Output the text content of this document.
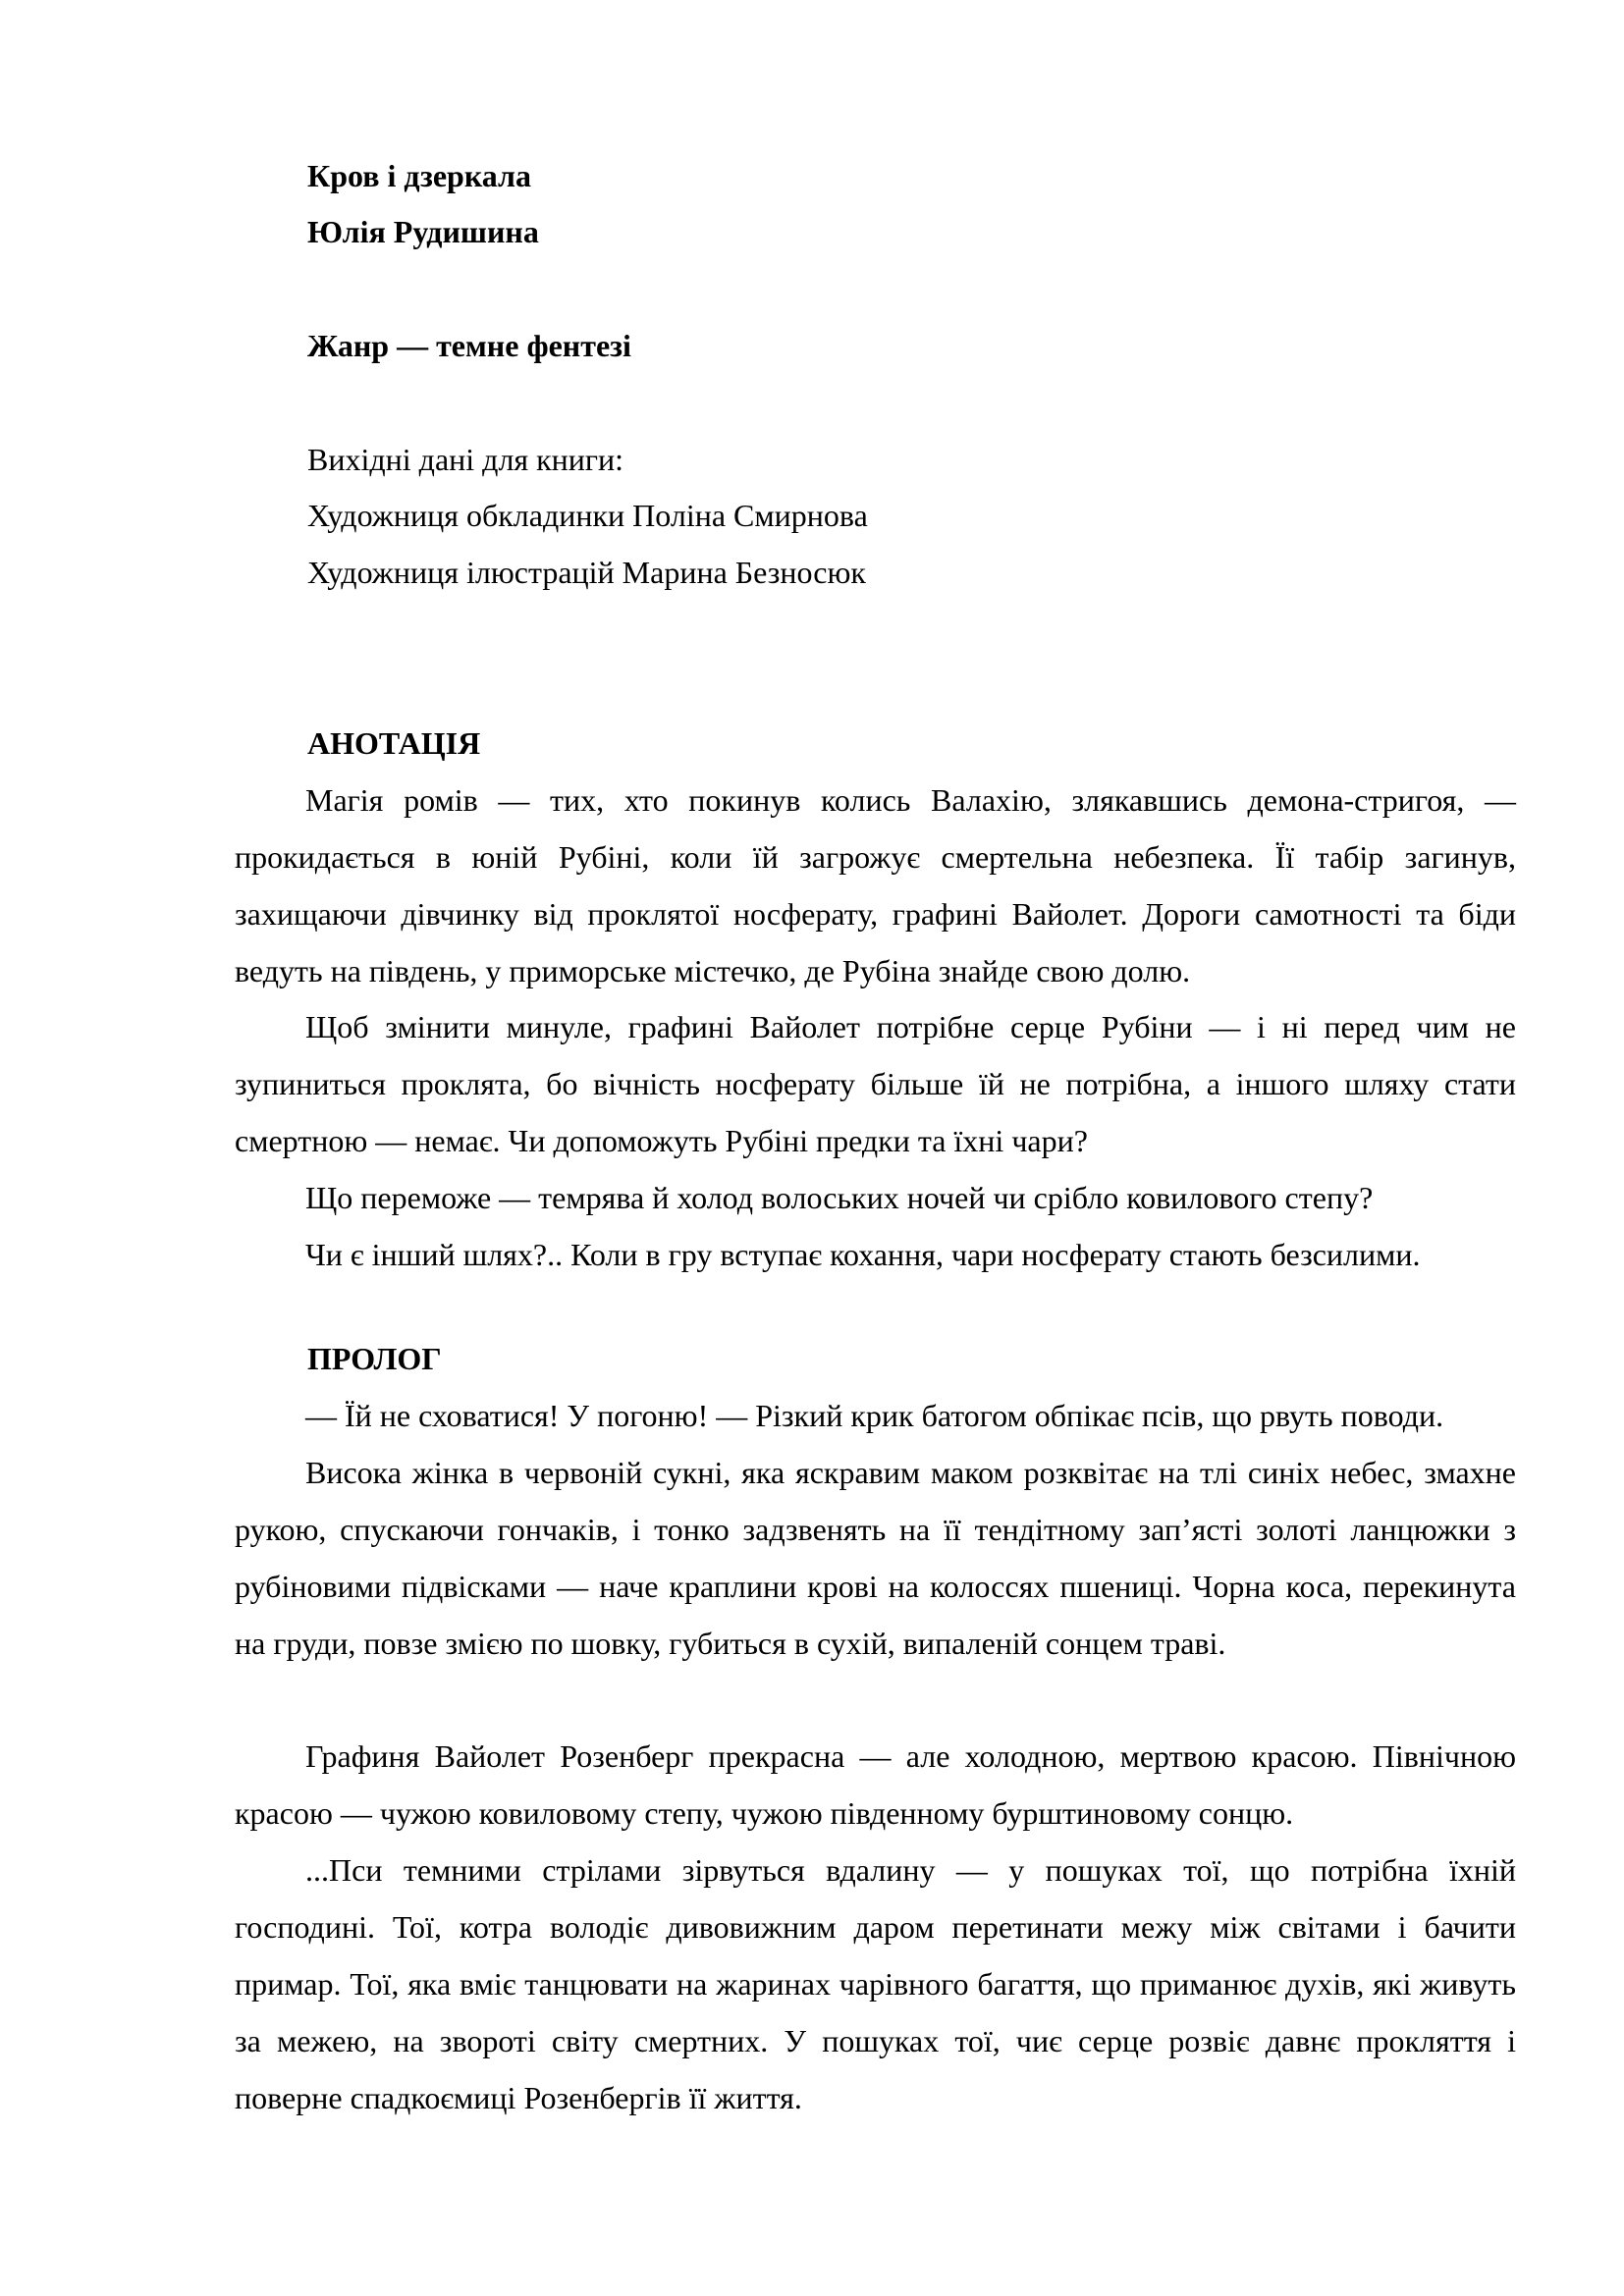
Кров і дзеркала

Юлія Рудишина

Жанр — темне фентезі

Вихідні дані для книги:

Художниця обкладинки Поліна Смирнова

Художниця ілюстрацій Марина Безносюк

АНОТАЦІЯ

Магія ромів — тих, хто покинув колись Валахію, злякавшись демона-стригоя, — прокидається в юній Рубіні, коли їй загрожує смертельна небезпека. Її табір загинув, захищаючи дівчинку від проклятої носферату, графині Вайолет. Дороги самотності та біди ведуть на південь, у приморське містечко, де Рубіна знайде свою долю.

Щоб змінити минуле, графині Вайолет потрібне серце Рубіни — і ні перед чим не зупиниться проклята, бо вічність носферату більше їй не потрібна, а іншого шляху стати смертною — немає. Чи допоможуть Рубіні предки та їхні чари?

Що переможе — темрява й холод волоських ночей чи срібло ковилового степу?

Чи є інший шлях?.. Коли в гру вступає кохання, чари носферату стають безсилими.

ПРОЛОГ

— Їй не сховатися! У погоню! — Різкий крик батогом обпікає псів, що рвуть поводи.

Висока жінка в червоній сукні, яка яскравим маком розквітає на тлі синіх небес, змахне рукою, спускаючи гончаків, і тонко задзвенять на її тендітному зап’ясті золоті ланцюжки з рубіновими підвісками — наче краплини крові на колоссях пшениці. Чорна коса, перекинута на груди, повзе змією по шовку, губиться в сухій, випаленій сонцем траві.

Графиня Вайолет Розенберг прекрасна — але холодною, мертвою красою. Північною красою — чужою ковиловому степу, чужою південному бурштиновому сонцю.

...Пси темними стрілами зірвуться вдалину — у пошуках тої, що потрібна їхній господині. Тої, котра володіє дивовижним даром перетинати межу між світами і бачити примар. Тої, яка вміє танцювати на жаринах чарівного багаття, що приманює духів, які живуть за межею, на звороті світу смертних. У пошуках тої, чиє серце розвіє давнє прокляття і поверне спадкоємиці Розенбергів її життя.
